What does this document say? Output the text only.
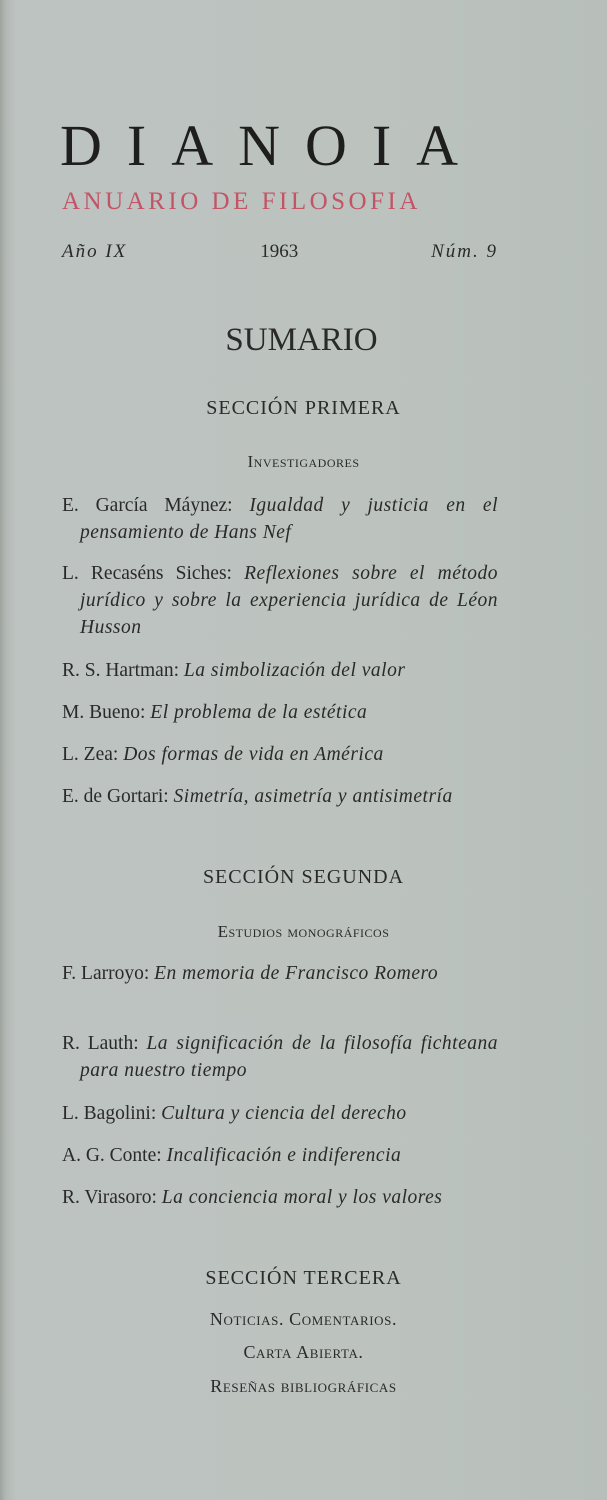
DIANOIA
ANUARIO DE FILOSOFIA
Año IX	1963	Núm. 9
SUMARIO
SECCIÓN PRIMERA
Investigadores
E. García Máynez: Igualdad y justicia en el pensamiento de Hans Nef
L. Recaséns Siches: Reflexiones sobre el método jurídico y sobre la experiencia jurídica de Léon Husson
R. S. Hartman: La simbolización del valor
M. Bueno: El problema de la estética
L. Zea: Dos formas de vida en América
E. de Gortari: Simetría, asimetría y antisimetría
SECCIÓN SEGUNDA
Estudios monográficos
F. Larroyo: En memoria de Francisco Romero
R. Lauth: La significación de la filosofía fichteana para nuestro tiempo
L. Bagolini: Cultura y ciencia del derecho
A. G. Conte: Incalificación e indiferencia
R. Virasoro: La conciencia moral y los valores
SECCIÓN TERCERA
Noticias. Comentarios.
Carta Abierta.
Reseñas bibliográficas
